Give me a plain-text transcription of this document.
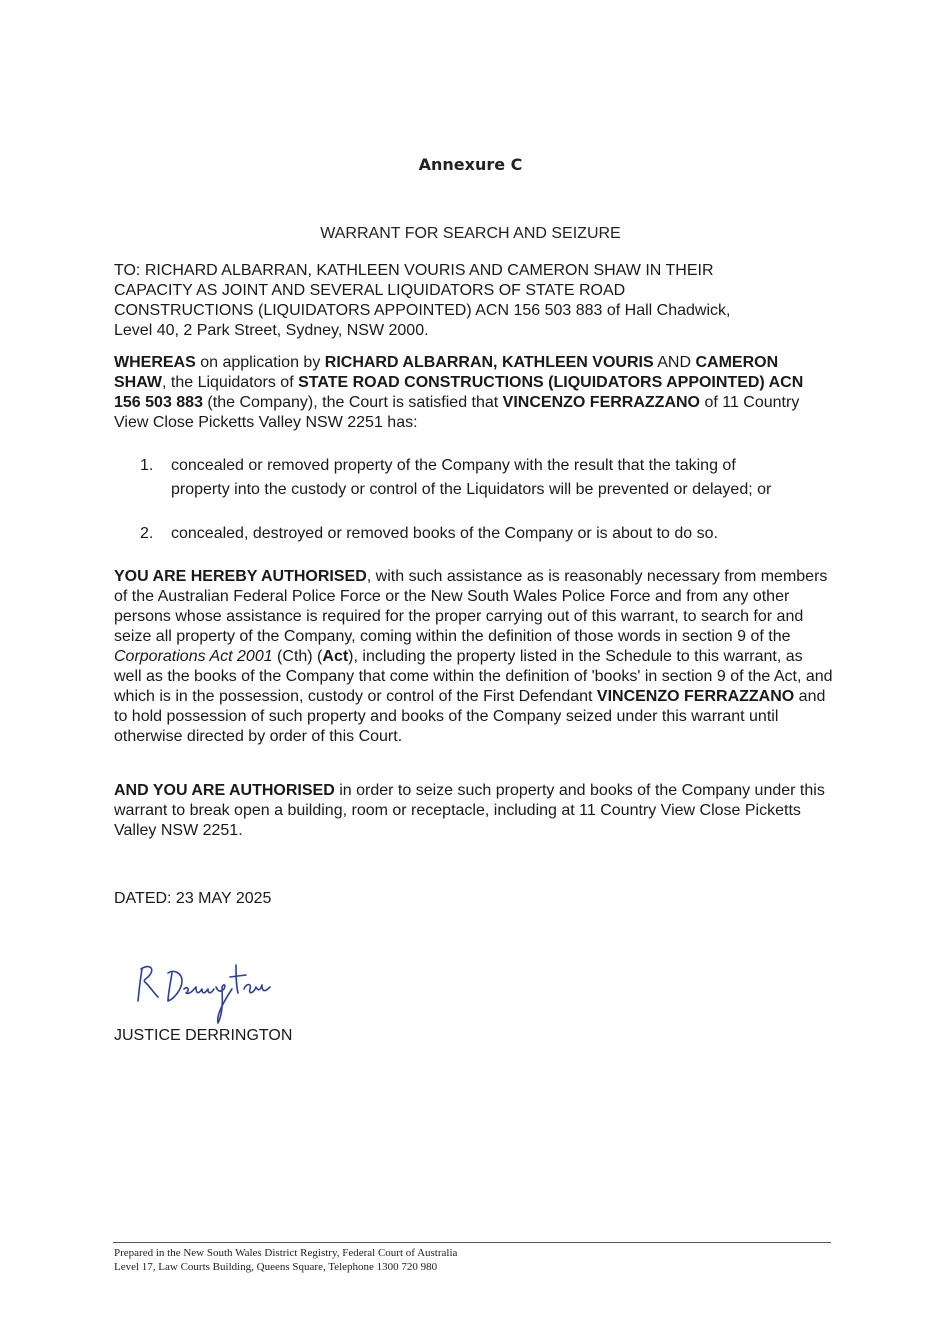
Annexure C
WARRANT FOR SEARCH AND SEIZURE
TO: RICHARD ALBARRAN, KATHLEEN VOURIS AND CAMERON SHAW IN THEIR
CAPACITY AS JOINT AND SEVERAL LIQUIDATORS OF STATE ROAD
CONSTRUCTIONS (LIQUIDATORS APPOINTED) ACN 156 503 883 of Hall Chadwick,
Level 40, 2 Park Street, Sydney, NSW 2000.
WHEREAS on application by RICHARD ALBARRAN, KATHLEEN VOURIS AND CAMERON SHAW, the Liquidators of STATE ROAD CONSTRUCTIONS (LIQUIDATORS APPOINTED) ACN 156 503 883 (the Company), the Court is satisfied that VINCENZO FERRAZZANO of 11 Country View Close Picketts Valley NSW 2251 has:
1.	concealed or removed property of the Company with the result that the taking of
property into the custody or control of the Liquidators will be prevented or delayed; or
2.	concealed, destroyed or removed books of the Company or is about to do so.
YOU ARE HEREBY AUTHORISED, with such assistance as is reasonably necessary from members of the Australian Federal Police Force or the New South Wales Police Force and from any other persons whose assistance is required for the proper carrying out of this warrant, to search for and seize all property of the Company, coming within the definition of those words in section 9 of the Corporations Act 2001 (Cth) (Act), including the property listed in the Schedule to this warrant, as well as the books of the Company that come within the definition of 'books' in section 9 of the Act, and which is in the possession, custody or control of the First Defendant VINCENZO FERRAZZANO and to hold possession of such property and books of the Company seized under this warrant until otherwise directed by order of this Court.
AND YOU ARE AUTHORISED in order to seize such property and books of the Company under this warrant to break open a building, room or receptacle, including at 11 Country View Close Picketts Valley NSW 2251.
DATED: 23 MAY 2025
JUSTICE DERRINGTON
Prepared in the New South Wales District Registry, Federal Court of Australia
Level 17, Law Courts Building, Queens Square, Telephone 1300 720 980
